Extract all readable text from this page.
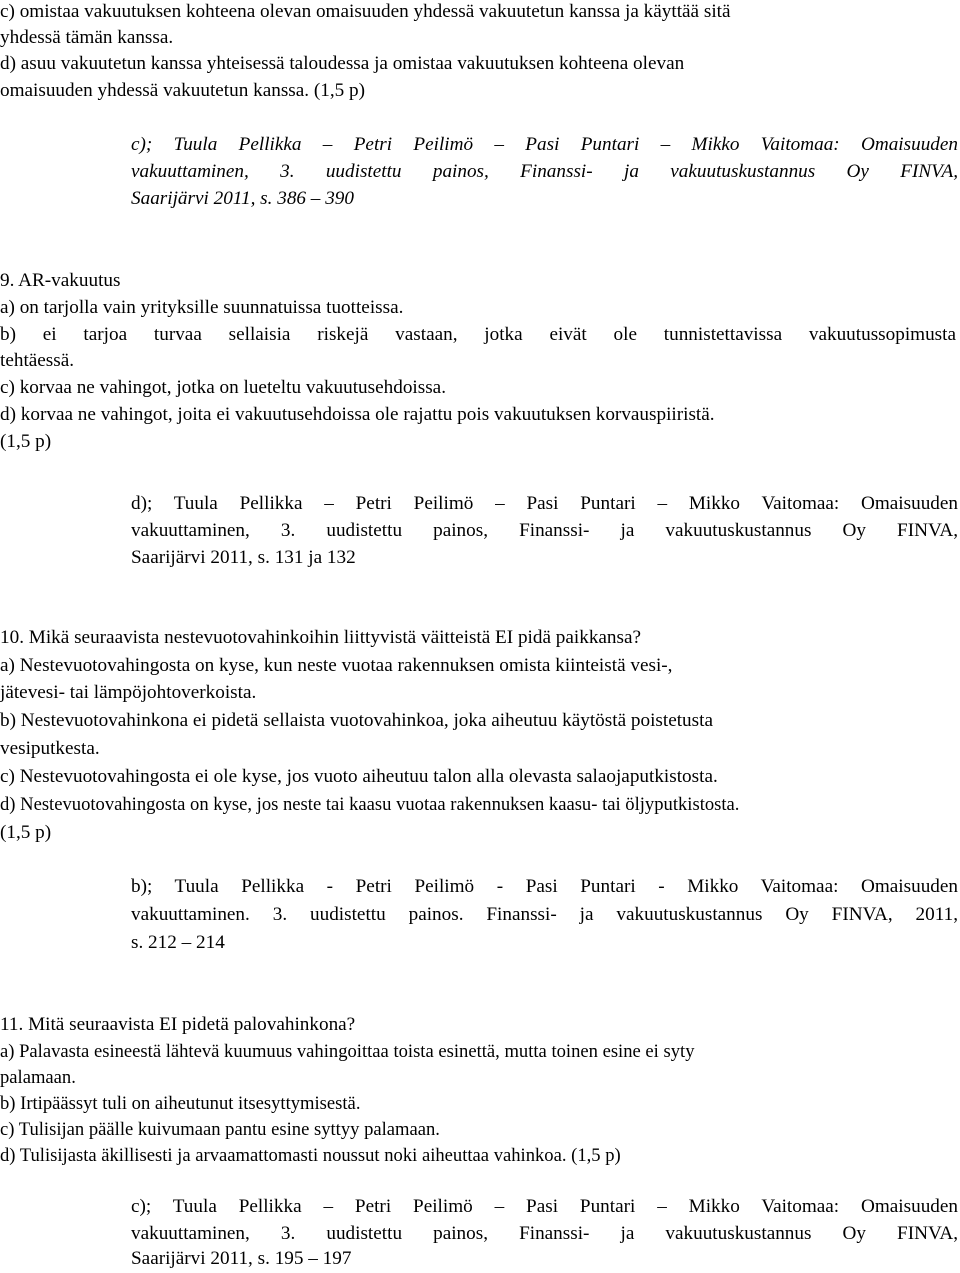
c) omistaa vakuutuksen kohteena olevan omaisuuden yhdessä vakuutetun kanssa ja käyttää sitä
yhdessä tämän kanssa.
d) asuu vakuutetun kanssa yhteisessä taloudessa ja omistaa vakuutuksen kohteena olevan
omaisuuden yhdessä vakuutetun kanssa. (1,5 p)
c); Tuula Pellikka – Petri Peilimö – Pasi Puntari – Mikko Vaitomaa: Omaisuuden
vakuuttaminen, 3. uudistettu painos, Finanssi- ja vakuutuskustannus Oy FINVA,
Saarijärvi 2011, s. 386 – 390
9. AR-vakuutus
a) on tarjolla vain yrityksille suunnatuissa tuotteissa.
b) ei tarjoa turvaa sellaisia riskejä vastaan, jotka eivät ole tunnistettavissa vakuutussopimusta
tehtäessä.
c) korvaa ne vahingot, jotka on lueteltu vakuutusehdoissa.
d) korvaa ne vahingot, joita ei vakuutusehdoissa ole rajattu pois vakuutuksen korvauspiiristä.
(1,5 p)
d); Tuula Pellikka – Petri Peilimö – Pasi Puntari – Mikko Vaitomaa: Omaisuuden
vakuuttaminen, 3. uudistettu painos, Finanssi- ja vakuutuskustannus Oy FINVA,
Saarijärvi 2011, s. 131 ja 132
10. Mikä seuraavista nestevuotovahinkoihin liittyvistä väitteistä EI pidä paikkansa?
a) Nestevuotovahingosta on kyse, kun neste vuotaa rakennuksen omista kiinteistä vesi-,
jätevesi- tai lämpöjohtoverkoista.
b) Nestevuotovahinkona ei pidetä sellaista vuotovahinkoa, joka aiheutuu käytöstä poistetusta
vesiputkesta.
c) Nestevuotovahingosta ei ole kyse, jos vuoto aiheutuu talon alla olevasta salaojaputkistosta.
d) Nestevuotovahingosta on kyse, jos neste tai kaasu vuotaa rakennuksen kaasu- tai öljyputkistosta.
(1,5 p)
b); Tuula Pellikka - Petri Peilimö - Pasi Puntari - Mikko Vaitomaa: Omaisuuden
vakuuttaminen. 3. uudistettu painos. Finanssi- ja vakuutuskustannus Oy FINVA, 2011,
s. 212 – 214
11. Mitä seuraavista EI pidetä palovahinkona?
a) Palavasta esineestä lähtevä kuumuus vahingoittaa toista esinettä, mutta toinen esine ei syty
palamaan.
b) Irtipäässyt tuli on aiheutunut itsesyttymisestä.
c) Tulisijan päälle kuivumaan pantu esine syttyy palamaan.
d) Tulisijasta äkillisesti ja arvaamattomasti noussut noki aiheuttaa vahinkoa. (1,5 p)
c); Tuula Pellikka – Petri Peilimö – Pasi Puntari – Mikko Vaitomaa: Omaisuuden
vakuuttaminen, 3. uudistettu painos, Finanssi- ja vakuutuskustannus Oy FINVA,
Saarijärvi 2011, s. 195 – 197
